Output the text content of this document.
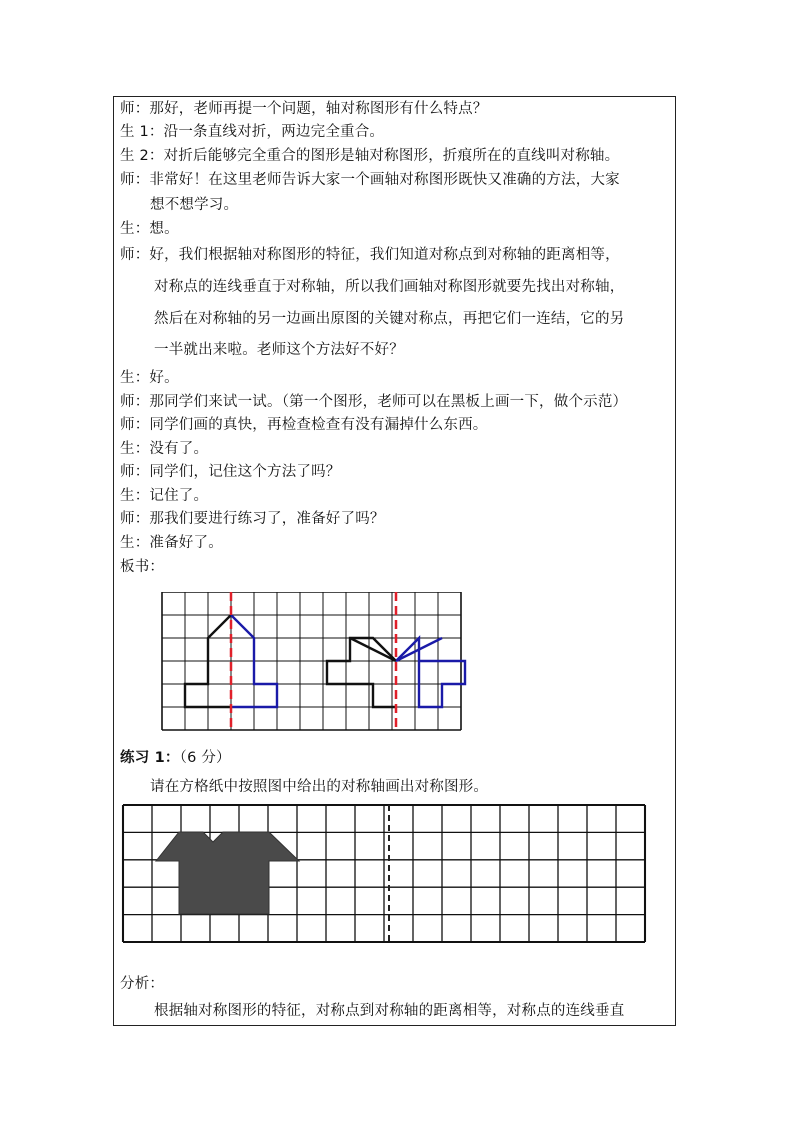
师：那好，老师再提一个问题，轴对称图形有什么特点？
生 1：沿一条直线对折，两边完全重合。
生 2：对折后能够完全重合的图形是轴对称图形，折痕所在的直线叫对称轴。
师：非常好！在这里老师告诉大家一个画轴对称图形既快又准确的方法，大家
想不想学习。
生：想。
师：好，我们根据轴对称图形的特征，我们知道对称点到对称轴的距离相等，
对称点的连线垂直于对称轴，所以我们画轴对称图形就要先找出对称轴，
然后在对称轴的另一边画出原图的关键对称点，再把它们一连结，它的另
一半就出来啦。老师这个方法好不好？
生：好。
师：那同学们来试一试。（第一个图形，老师可以在黑板上画一下，做个示范）
师：同学们画的真快，再检查检查有没有漏掉什么东西。
生：没有了。
师：同学们，记住这个方法了吗？
生：记住了。
师：那我们要进行练习了，准备好了吗？
生：准备好了。
板书：
练习 1：（6 分）
请在方格纸中按照图中给出的对称轴画出对称图形。
分析：
根据轴对称图形的特征，对称点到对称轴的距离相等，对称点的连线垂直
